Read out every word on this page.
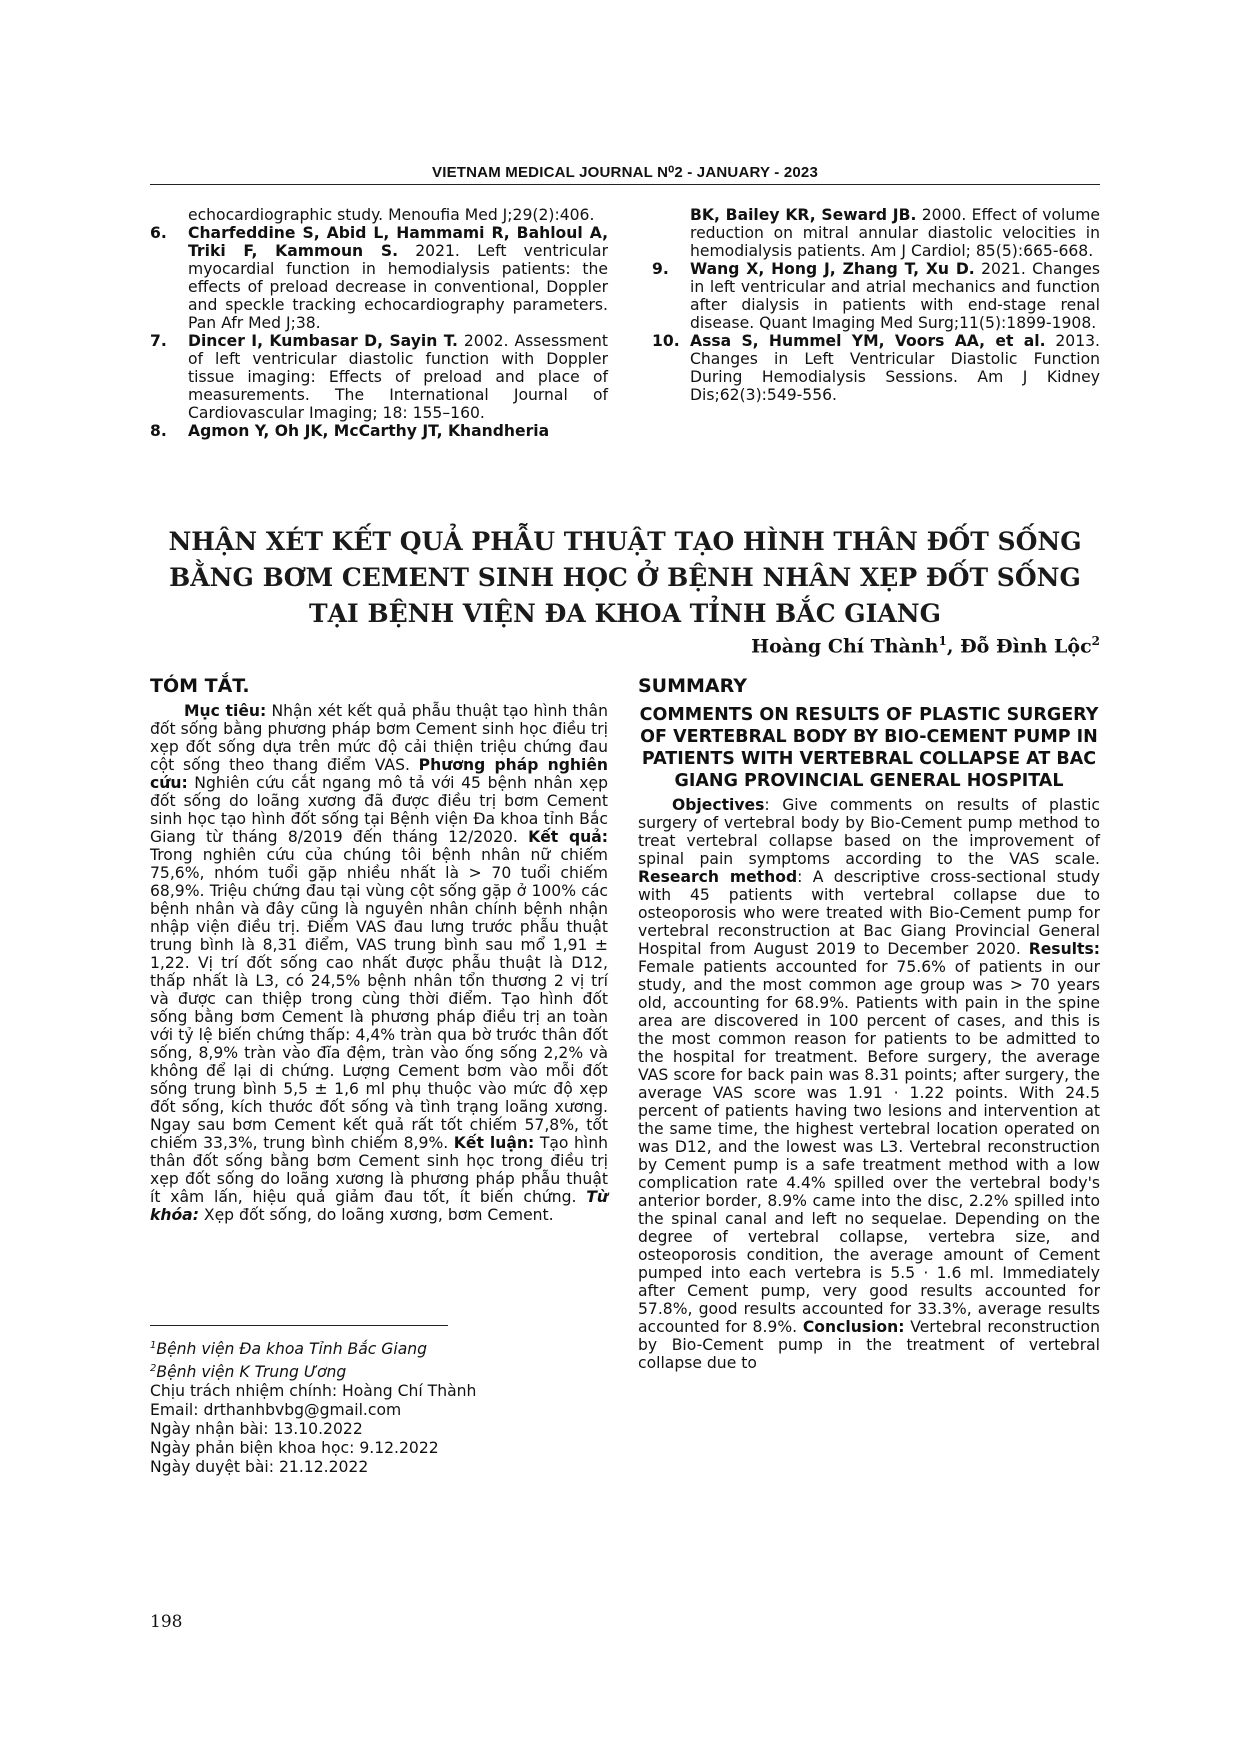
VIETNAM MEDICAL JOURNAL N⁰2 - JANUARY - 2023
echocardiographic study. Menoufia Med J;29(2):406.
6. Charfeddine S, Abid L, Hammami R, Bahloul A, Triki F, Kammoun S. 2021. Left ventricular myocardial function in hemodialysis patients: the effects of preload decrease in conventional, Doppler and speckle tracking echocardiography parameters. Pan Afr Med J;38.
7. Dincer I, Kumbasar D, Sayin T. 2002. Assessment of left ventricular diastolic function with Doppler tissue imaging: Effects of preload and place of measurements. The International Journal of Cardiovascular Imaging; 18: 155–160.
8. Agmon Y, Oh JK, McCarthy JT, Khandheria
BK, Bailey KR, Seward JB. 2000. Effect of volume reduction on mitral annular diastolic velocities in hemodialysis patients. Am J Cardiol; 85(5):665-668.
9. Wang X, Hong J, Zhang T, Xu D. 2021. Changes in left ventricular and atrial mechanics and function after dialysis in patients with end-stage renal disease. Quant Imaging Med Surg;11(5):1899-1908.
10. Assa S, Hummel YM, Voors AA, et al. 2013. Changes in Left Ventricular Diastolic Function During Hemodialysis Sessions. Am J Kidney Dis;62(3):549-556.
NHẬN XÉT KẾT QUẢ PHẪU THUẬT TẠO HÌNH THÂN ĐỐT SỐNG
BẰNG BƠM CEMENT SINH HỌC Ở BỆNH NHÂN XẸP ĐỐT SỐNG
TẠI BỆNH VIỆN ĐA KHOA TỈNH BẮC GIANG
Hoàng Chí Thành$^1$, Đỗ Đình Lộc$^2$
TÓM TẮT.
Mục tiêu: Nhận xét kết quả phẫu thuật tạo hình thân đốt sống bằng phương pháp bơm Cement sinh học điều trị xẹp đốt sống dựa trên mức độ cải thiện triệu chứng đau cột sống theo thang điểm VAS. Phương pháp nghiên cứu: Nghiên cứu cắt ngang mô tả với 45 bệnh nhân xẹp đốt sống do loãng xương đã được điều trị bơm Cement sinh học tạo hình đốt sống tại Bệnh viện Đa khoa tỉnh Bắc Giang từ tháng 8/2019 đến tháng 12/2020. Kết quả: Trong nghiên cứu của chúng tôi bệnh nhân nữ chiếm 75,6%, nhóm tuổi gặp nhiều nhất là > 70 tuổi chiếm 68,9%. Triệu chứng đau tại vùng cột sống gặp ở 100% các bệnh nhân và đây cũng là nguyên nhân chính bệnh nhận nhập viện điều trị. Điểm VAS đau lưng trước phẫu thuật trung bình là 8,31 điểm, VAS trung bình sau mổ 1,91 ± 1,22. Vị trí đốt sống cao nhất được phẫu thuật là D12, thấp nhất là L3, có 24,5% bệnh nhân tổn thương 2 vị trí và được can thiệp trong cùng thời điểm. Tạo hình đốt sống bằng bơm Cement là phương pháp điều trị an toàn với tỷ lệ biến chứng thấp: 4,4% tràn qua bờ trước thân đốt sống, 8,9% tràn vào đĩa đệm, tràn vào ống sống 2,2% và không để lại di chứng. Lượng Cement bơm vào mỗi đốt sống trung bình 5,5 ± 1,6 ml phụ thuộc vào mức độ xẹp đốt sống, kích thước đốt sống và tình trạng loãng xương. Ngay sau bơm Cement kết quả rất tốt chiếm 57,8%, tốt chiếm 33,3%, trung bình chiếm 8,9%. Kết luận: Tạo hình thân đốt sống bằng bơm Cement sinh học trong điều trị xẹp đốt sống do loãng xương là phương pháp phẫu thuật ít xâm lấn, hiệu quả giảm đau tốt, ít biến chứng. Từ khóa: Xẹp đốt sống, do loãng xương, bơm Cement.
SUMMARY
COMMENTS ON RESULTS OF PLASTIC SURGERY OF VERTEBRAL BODY BY BIO-CEMENT PUMP IN PATIENTS WITH VERTEBRAL COLLAPSE AT BAC GIANG PROVINCIAL GENERAL HOSPITAL
Objectives: Give comments on results of plastic surgery of vertebral body by Bio-Cement pump method to treat vertebral collapse based on the improvement of spinal pain symptoms according to the VAS scale. Research method: A descriptive cross-sectional study with 45 patients with vertebral collapse due to osteoporosis who were treated with Bio-Cement pump for vertebral reconstruction at Bac Giang Provincial General Hospital from August 2019 to December 2020. Results: Female patients accounted for 75.6% of patients in our study, and the most common age group was > 70 years old, accounting for 68.9%. Patients with pain in the spine area are discovered in 100 percent of cases, and this is the most common reason for patients to be admitted to the hospital for treatment. Before surgery, the average VAS score for back pain was 8.31 points; after surgery, the average VAS score was 1.91 · 1.22 points. With 24.5 percent of patients having two lesions and intervention at the same time, the highest vertebral location operated on was D12, and the lowest was L3. Vertebral reconstruction by Cement pump is a safe treatment method with a low complication rate 4.4% spilled over the vertebral body's anterior border, 8.9% came into the disc, 2.2% spilled into the spinal canal and left no sequelae. Depending on the degree of vertebral collapse, vertebra size, and osteoporosis condition, the average amount of Cement pumped into each vertebra is 5.5 · 1.6 ml. Immediately after Cement pump, very good results accounted for 57.8%, good results accounted for 33.3%, average results accounted for 8.9%. Conclusion: Vertebral reconstruction by Bio-Cement pump in the treatment of vertebral collapse due to
$^1$Bệnh viện Đa khoa Tỉnh Bắc Giang
$^2$Bệnh viện K Trung Ương
Chịu trách nhiệm chính: Hoàng Chí Thành
Email: drthanhbvbg@gmail.com
Ngày nhận bài: 13.10.2022
Ngày phản biện khoa học: 9.12.2022
Ngày duyệt bài: 21.12.2022
198
